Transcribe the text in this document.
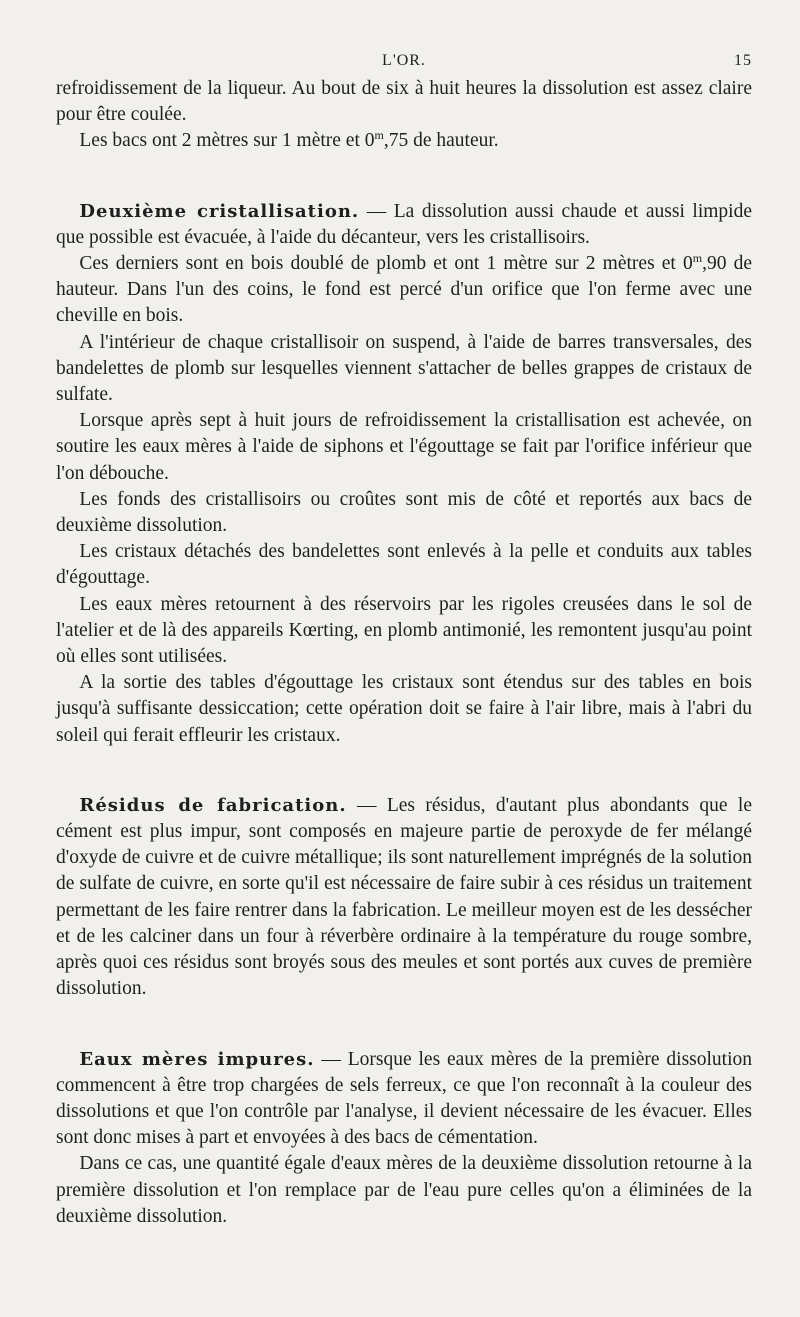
L'OR.	15

refroidissement de la liqueur. Au bout de six à huit heures la dissolution est assez claire pour être coulée.

Les bacs ont 2 mètres sur 1 mètre et 0$^m$,75 de hauteur.

Deuxième cristallisation. — La dissolution aussi chaude et aussi limpide que possible est évacuée, à l'aide du décanteur, vers les cristallisoirs.

Ces derniers sont en bois doublé de plomb et ont 1 mètre sur 2 mètres et 0$^m$,90 de hauteur. Dans l'un des coins, le fond est percé d'un orifice que l'on ferme avec une cheville en bois.

A l'intérieur de chaque cristallisoir on suspend, à l'aide de barres transversales, des bandelettes de plomb sur lesquelles viennent s'attacher de belles grappes de cristaux de sulfate.

Lorsque après sept à huit jours de refroidissement la cristallisation est achevée, on soutire les eaux mères à l'aide de siphons et l'égouttage se fait par l'orifice inférieur que l'on débouche.

Les fonds des cristallisoirs ou croûtes sont mis de côté et reportés aux bacs de deuxième dissolution.

Les cristaux détachés des bandelettes sont enlevés à la pelle et conduits aux tables d'égouttage.

Les eaux mères retournent à des réservoirs par les rigoles creusées dans le sol de l'atelier et de là des appareils Kœrting, en plomb antimonié, les remontent jusqu'au point où elles sont utilisées.

A la sortie des tables d'égouttage les cristaux sont étendus sur des tables en bois jusqu'à suffisante dessiccation; cette opération doit se faire à l'air libre, mais à l'abri du soleil qui ferait effleurir les cristaux.

Résidus de fabrication. — Les résidus, d'autant plus abondants que le cément est plus impur, sont composés en majeure partie de peroxyde de fer mélangé d'oxyde de cuivre et de cuivre métallique; ils sont naturellement imprégnés de la solution de sulfate de cuivre, en sorte qu'il est nécessaire de faire subir à ces résidus un traitement permettant de les faire rentrer dans la fabrication. Le meilleur moyen est de les dessécher et de les calciner dans un four à réverbère ordinaire à la température du rouge sombre, après quoi ces résidus sont broyés sous des meules et sont portés aux cuves de première dissolution.

Eaux mères impures. — Lorsque les eaux mères de la première dissolution commencent à être trop chargées de sels ferreux, ce que l'on reconnaît à la couleur des dissolutions et que l'on contrôle par l'analyse, il devient nécessaire de les évacuer. Elles sont donc mises à part et envoyées à des bacs de cémentation.

Dans ce cas, une quantité égale d'eaux mères de la deuxième dissolution retourne à la première dissolution et l'on remplace par de l'eau pure celles qu'on a éliminées de la deuxième dissolution.
